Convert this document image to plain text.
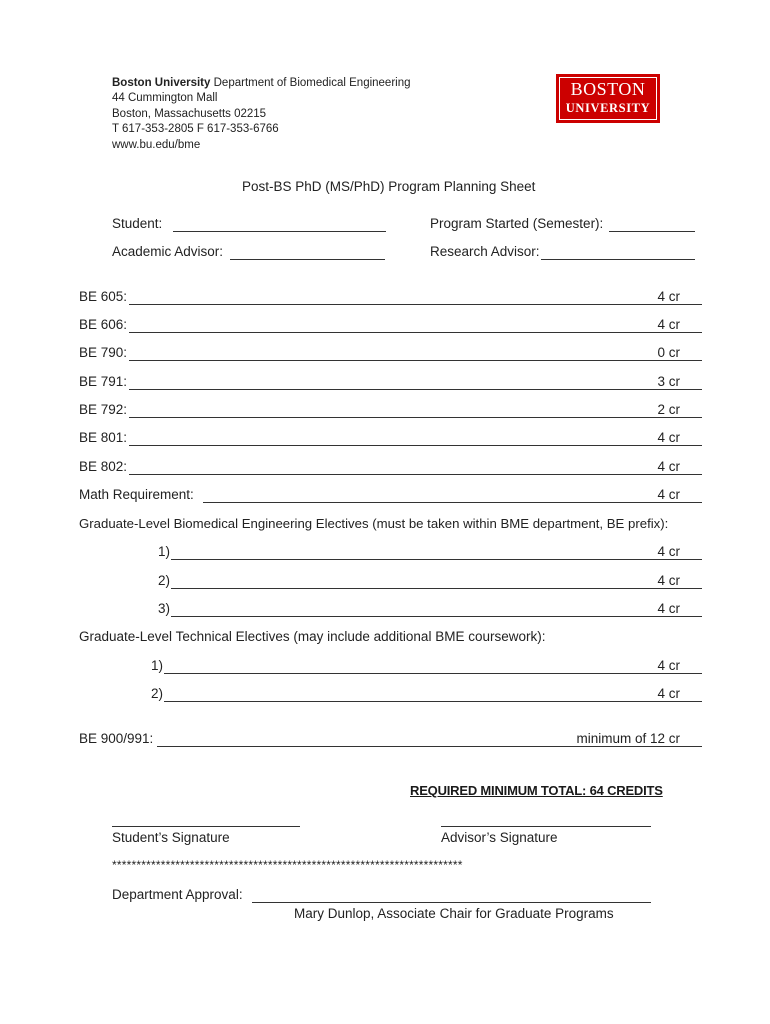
Boston University Department of Biomedical Engineering
44 Cummington Mall
Boston, Massachusetts 02215
T 617-353-2805 F 617-353-6766
www.bu.edu/bme
BOSTON
UNIVERSITY
Post-BS PhD (MS/PhD) Program Planning Sheet
Student:	Program Started (Semester):
Academic Advisor:	Research Advisor:
BE 605:	4 cr
BE 606:	4 cr
BE 790:	0 cr
BE 791:	3 cr
BE 792:	2 cr
BE 801:	4 cr
BE 802:	4 cr
Math Requirement:	4 cr
Graduate-Level Biomedical Engineering Electives (must be taken within BME department, BE prefix):
1)	4 cr
2)	4 cr
3)	4 cr
Graduate-Level Technical Electives (may include additional BME coursework):
1)	4 cr
2)	4 cr
BE 900/991:	minimum of 12 cr
REQUIRED MINIMUM TOTAL: 64 CREDITS
Student’s Signature	Advisor’s Signature
************************************************************************
Department Approval:
Mary Dunlop, Associate Chair for Graduate Programs
